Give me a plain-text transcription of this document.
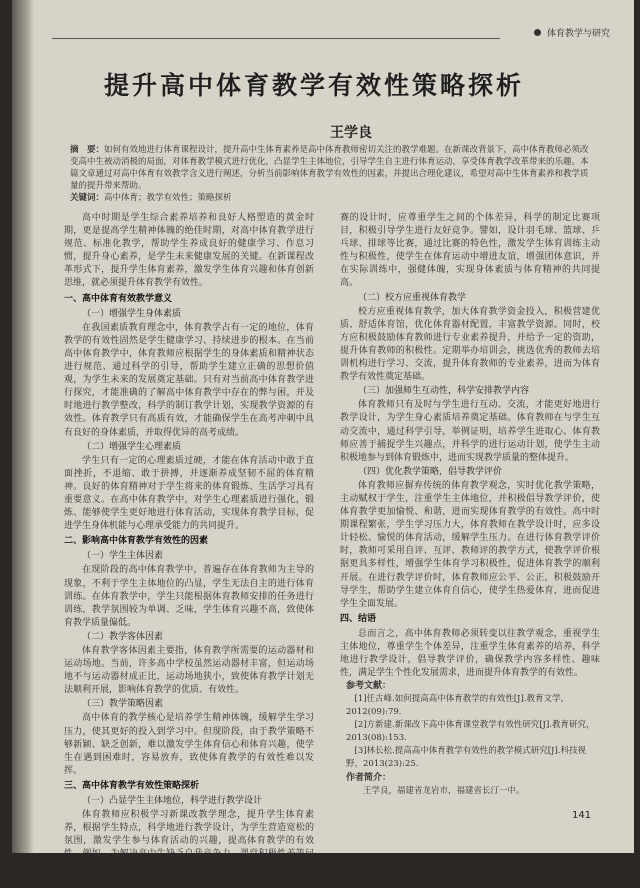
体育教学与研究
提升高中体育教学有效性策略探析
王学良
摘　要：如何有效地进行体育课程设计，提升高中生体育素养是高中体育教师密切关注的教学难题。在新课改背景下，高中体育教师必须改变高中生被动消极的局面，对体育教学模式进行优化，凸显学生主体地位，引导学生自主进行体育运动，享受体育教学改革带来的乐趣。本篇文章通过对高中体育有效教学含义进行阐述，分析当前影响体育教学有效性的因素，并提出合理化建议，希望对高中生体育素养和教学质量的提升带来帮助。
关键词：高中体育；教学有效性；策略探析

高中时期是学生综合素养培养和良好人格塑造的黄金时期，更是提高学生精神体魄的绝佳时期，对高中体育教学进行规范、标准化教学，帮助学生养成良好的健康学习、作息习惯，提升身心素养，是学生未来健康发展的关键。在新课程改革形式下，提升学生体育素养，激发学生体育兴趣和体育创新思维，就必须提升体育教学有效性。

一、高中体育有效教学意义
（一）增强学生身体素质

在我国素质教育理念中，体育教学占有一定的地位，体育教学的有效性固然是学生健康学习、持续进步的根本。在当前高中体育教学中，体育教师应根据学生的身体素质和精神状态进行规范、通过科学的引导，帮助学生建立正确的思想价值观，为学生未来的发展奠定基础。只有对当前高中体育教学进行探究，才能准确的了解高中体育教学中存在的弊与困，并及时地进行教学整改，科学的制订教学计划，实现教学资源的有效性。体育教学只有高质有效，才能确保学生在高考冲刺中具有良好的身体素质，并取得优异的高考成绩。

（二）增强学生心理素质

学生只有一定的心理素质过硬，才能在体育活动中敢于直面挫折，不退缩、敢于拼搏，并逐渐养成坚韧不屈的体育精神。良好的体育精神对于学生将来的体育锻炼、生活学习具有重要意义。在高中体育教学中，对学生心理素质进行强化，锻炼、能够使学生更好地进行体育活动，实现体育教学目标，促进学生身体机能与心理承受能力的共同提升。

二、影响高中体育教学有效性的因素
（一）学生主体因素

在现阶段的高中体育教学中，普遍存在体育教师为主导的现象，不利于学生主体地位的凸显，学生无法自主的进行体育训练。在体育教学中，学生只能根据体育教师安排的任务进行训练，教学氛围较为单调、乏味，学生体育兴趣不高，致使体育教学质量偏低。

（二）教学客体因素

体育教学客体因素主要指，体育教学所需要的运动器材和运动场地。当前，许多高中学校虽然运动器材丰富，但运动场地不与运动器材成正比，运动场地狭小，致使体育教学计划无法顺利开展，影响体育教学的优质、有效性。

（三）教学策略因素

高中体育的教学核心是培养学生精神体魄，缓解学生学习压力，使其更好的投入到学习中。但现阶段，由于教学策略不够新颖、缺乏创新，难以激发学生体育信心和体育兴趣，使学生在遇到困难时，容易放弃，致使体育教学的有效性难以发挥。

三、高中体育教学有效性策略探析
（一）凸显学生主体地位，科学进行教学设计

体育教师应积极学习新课改教学理念，提升学生体育素养，根据学生特点，科学地进行教学设计，为学生营造宽松的氛围，激发学生参与体育活动的兴趣，提高体育教学的有效性。例如，为解决高中生缺乏自我竞争力，课堂积极性差等问题，体育教师可设置体育竞赛，使学生在体育竞赛中，逐渐提升良性竞争力。体育教师在进行体育竞

赛的设计时，应尊重学生之间的个体差异，科学的制定比赛项目，积极引导学生进行友好竞争。譬如，设计羽毛球、篮球、乒乓球、排球等比赛，通过比赛的特色性，激发学生体育训练主动性与积极性，使学生在体育运动中增进友谊，增强团体意识，并在实际训练中，强健体魄，实现身体素质与体育精神的共同提高。

（二）校方应重视体育教学

校方应重视体育教学，加大体育教学资金投入，积极营建优质、舒适体育馆，优化体育器材配置，丰富教学资源。同时，校方应积极鼓励体育教师进行专业素养提升，并给予一定的资助，提升体育教师的积极性。定期举办培训会，挑选优秀的教师去培训机构进行学习、交流，提升体育教师的专业素养，进而为体育教学有效性奠定基础。

（三）加强师生互动性，科学安排教学内容

体育教师只有及时与学生进行互动、交流，才能更好地进行教学设计，为学生身心素质培养奠定基础。体育教师在与学生互动交流中，通过科学引导，举例证明，培养学生进取心。体育教师应善于捕捉学生兴趣点，并科学的进行运动计划，使学生主动积极地参与到体育锻炼中，进而实现教学质量的整体提升。

（四）优化教学策略，倡导教学评价

体育教师应摒弃传统的体育教学观念，实时优化教学策略，主动赋权于学生，注重学生主体地位，并积极倡导教学评价，使体育教学更加愉悦、和谐，进而实现体育教学的有效性。高中时期课程繁张，学生学习压力大，体育教师在教学设计时，应多设计轻松、愉悦的体育活动，缓解学生压力。在进行体育教学评价时，教师可采用自评、互评、教师评的教学方式，使教学评价根据更具多样性，增强学生体育学习积极性，促进体育教学的顺利开展。在进行教学评价时，体育教师应公平、公正，积极鼓励开导学生，帮助学生建立体育自信心，使学生热爱体育，进而促进学生全面发展。

四、结语

总而言之，高中体育教师必须转变以往教学观念，重视学生主体地位，尊重学生个体差异，注重学生体育素养的培养，科学地进行教学设计，倡导教学评价，确保教学内容多样性、趣味性，满足学生个性化发展需求，进而提升体育教学的有效性。

参考文献：

[1]任古峰.如何提高高中体育教学的有效性[J].教育文学，2012(09):79.

[2]方新建.新课改下高中体育课堂教学有效性研究[J].教育研究，2013(08):153.

[3]林长松.提高高中体育教学有效性的教学模式研究[J].科技视野，2013(23):25.

作者简介：
王学良，福建省龙岩市，福建省长汀一中。
141
